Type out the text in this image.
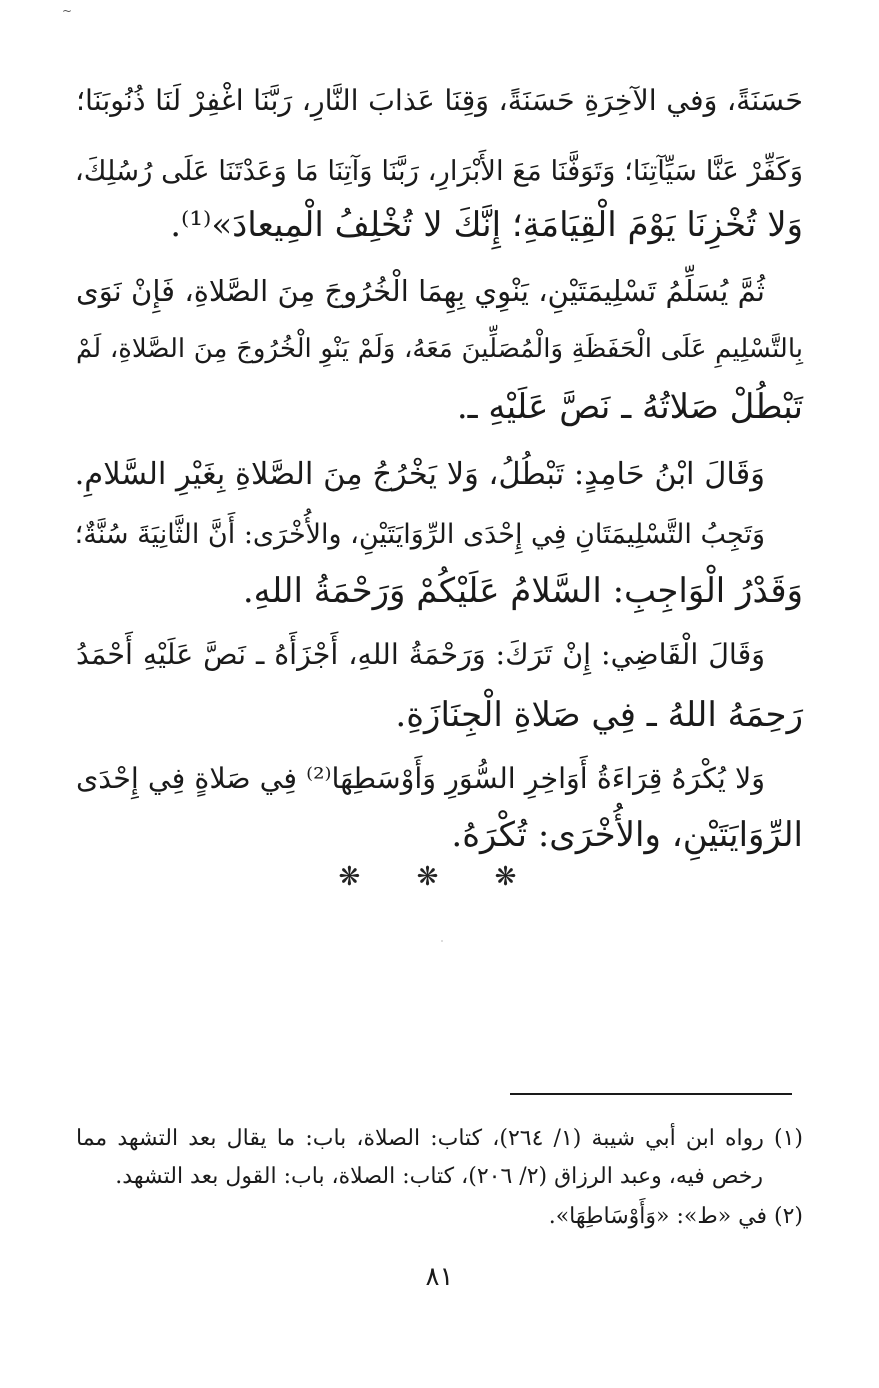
~
حَسَنَةً، وَفي الآخِرَةِ حَسَنَةً، وَقِنَا عَذابَ النَّارِ، رَبَّنَا اغْفِرْ لَنَا ذُنُوبَنَا؛
وَكَفِّرْ عَنَّا سَيِّآتِنَا؛ وَتَوَفَّنَا مَعَ الأَبْرَارِ، رَبَّنَا وَآتِنَا مَا وَعَدْتَنَا عَلَى رُسُلِكَ،
وَلا تُخْزِنَا يَوْمَ الْقِيَامَةِ؛ إِنَّكَ لا تُخْلِفُ الْمِيعادَ»⁽¹⁾.
ثُمَّ يُسَلِّمُ تَسْلِيمَتَيْنِ، يَنْوِي بِهِمَا الْخُرُوجَ مِنَ الصَّلاةِ، فَإِنْ نَوَى
بِالتَّسْلِيمِ عَلَى الْحَفَظَةِ وَالْمُصَلِّينَ مَعَهُ، وَلَمْ يَنْوِ الْخُرُوجَ مِنَ الصَّلاةِ، لَمْ
تَبْطُلْ صَلاتُهُ ـ نَصَّ عَلَيْهِ ـ.
وَقَالَ ابْنُ حَامِدٍ: تَبْطُلُ، وَلا يَخْرُجُ مِنَ الصَّلاةِ بِغَيْرِ السَّلامِ.
وَتَجِبُ التَّسْلِيمَتَانِ فِي إِحْدَى الرِّوَايَتَيْنِ، والأُخْرَى: أَنَّ الثَّانِيَةَ سُنَّةٌ؛
وَقَدْرُ الْوَاجِبِ: السَّلامُ عَلَيْكُمْ وَرَحْمَةُ اللهِ.
وَقَالَ الْقَاضِي: إِنْ تَرَكَ: وَرَحْمَةُ اللهِ، أَجْزَأَهُ ـ نَصَّ عَلَيْهِ أَحْمَدُ
رَحِمَهُ اللهُ ـ فِي صَلاةِ الْجِنَازَةِ.
وَلا يُكْرَهُ قِرَاءَةُ أَوَاخِرِ السُّوَرِ وَأَوْسَطِهَا⁽²⁾ فِي صَلاةٍ فِي إِحْدَى
الرِّوَايَتَيْنِ، والأُخْرَى: تُكْرَهُ.
❋ ❋ ❋
(١) رواه ابن أبي شيبة (١/ ٢٦٤)، كتاب: الصلاة، باب: ما يقال بعد التشهد مما
رخص فيه، وعبد الرزاق (٢/ ٢٠٦)، كتاب: الصلاة، باب: القول بعد التشهد.
(٢) في «ط»: «وَأَوْسَاطِهَا».
٨١
